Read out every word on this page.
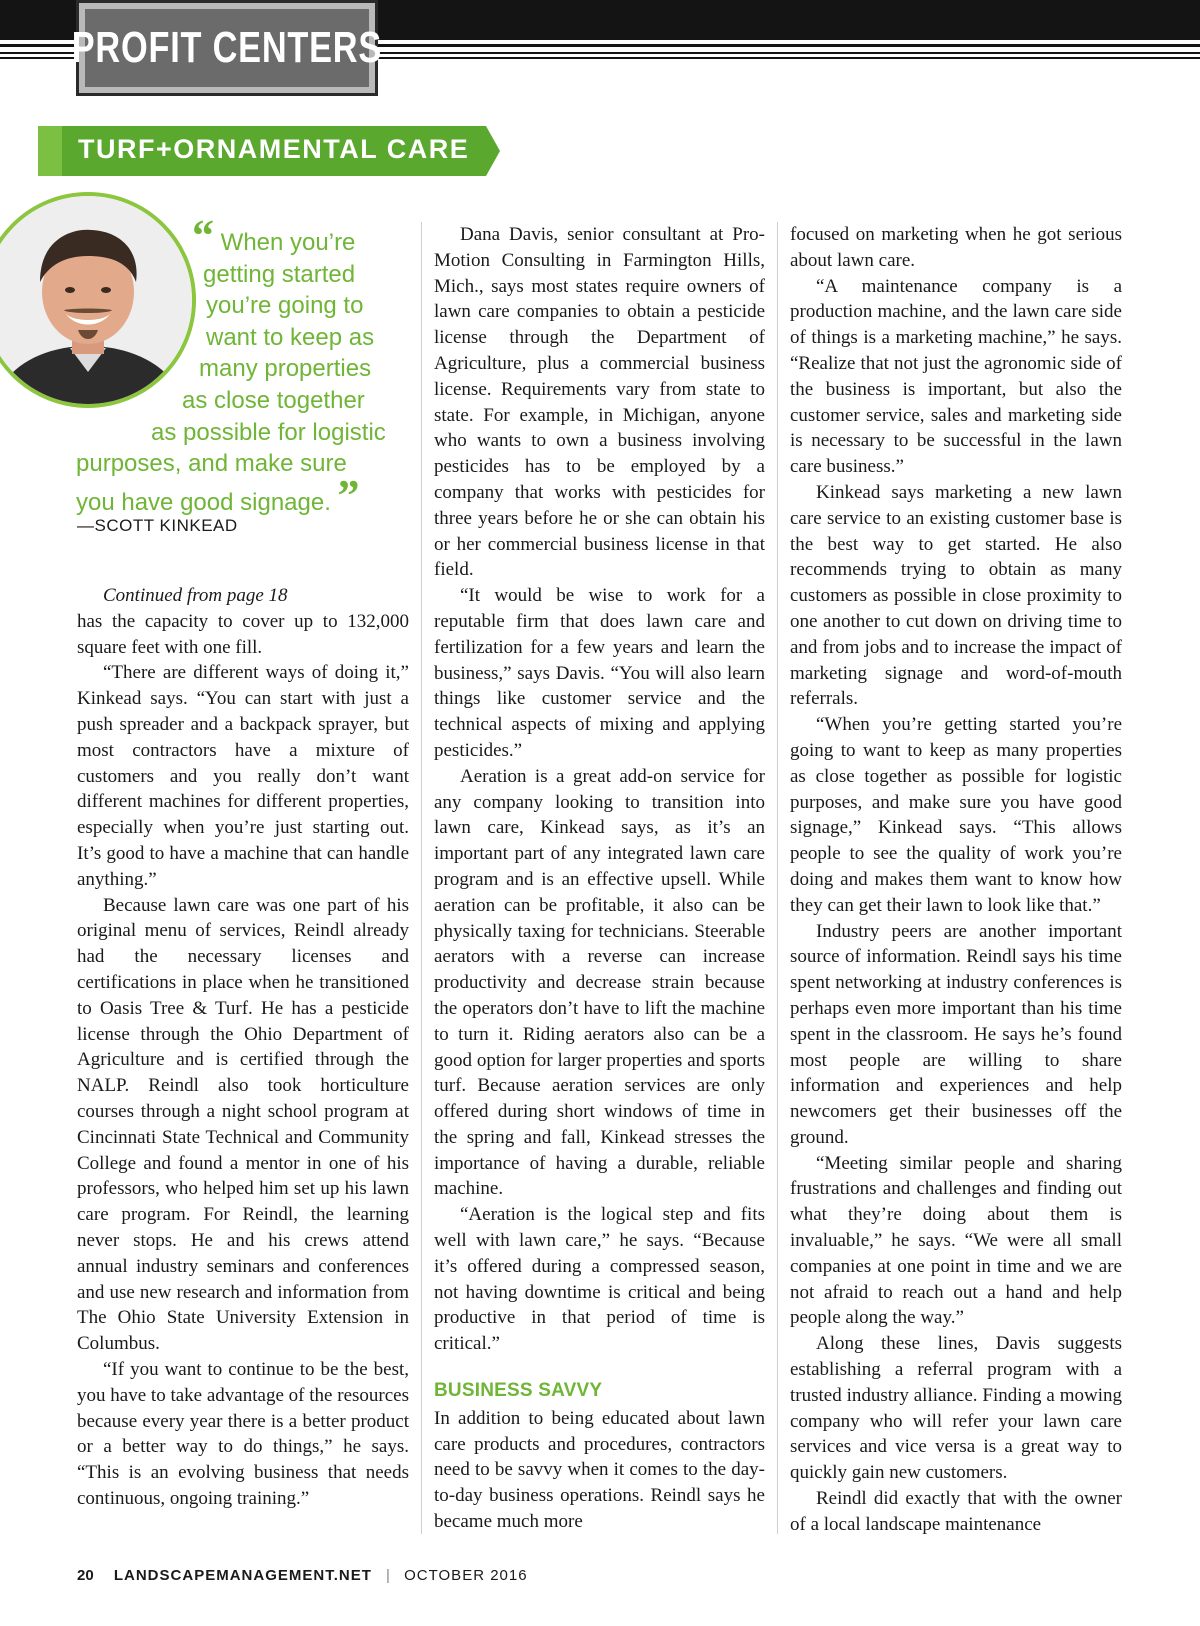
PROFIT CENTERS
TURF+ORNAMENTAL CARE
“ When you’re
getting started
you’re going to
want to keep as
many properties
as close together
as possible for logistic
purposes, and make sure
you have good signage. ”
—SCOTT KINKEAD

Continued from page 18

has the capacity to cover up to 132,000 square feet with one fill.

“There are different ways of doing it,” Kinkead says. “You can start with just a push spreader and a backpack sprayer, but most contractors have a mixture of customers and you really don’t want different machines for different properties, especially when you’re just starting out. It’s good to have a machine that can handle anything.”

Because lawn care was one part of his original menu of services, Reindl already had the necessary licenses and certifications in place when he transitioned to Oasis Tree & Turf. He has a pesticide license through the Ohio Department of Agriculture and is certified through the NALP. Reindl also took horticulture courses through a night school program at Cincinnati State Technical and Community College and found a mentor in one of his professors, who helped him set up his lawn care program. For Reindl, the learning never stops. He and his crews attend annual industry seminars and conferences and use new research and information from The Ohio State University Extension in Columbus.

“If you want to continue to be the best, you have to take advantage of the resources because every year there is a better product or a better way to do things,” he says. “This is an evolving business that needs continuous, ongoing training.”

Dana Davis, senior consultant at Pro-Motion Consulting in Farmington Hills, Mich., says most states require owners of lawn care companies to obtain a pesticide license through the Department of Agriculture, plus a commercial business license. Requirements vary from state to state. For example, in Michigan, anyone who wants to own a business involving pesticides has to be employed by a company that works with pesticides for three years before he or she can obtain his or her commercial business license in that field.

“It would be wise to work for a reputable firm that does lawn care and fertilization for a few years and learn the business,” says Davis. “You will also learn things like customer service and the technical aspects of mixing and applying pesticides.”

Aeration is a great add-on service for any company looking to transition into lawn care, Kinkead says, as it’s an important part of any integrated lawn care program and is an effective upsell. While aeration can be profitable, it also can be physically taxing for technicians. Steerable aerators with a reverse can increase productivity and decrease strain because the operators don’t have to lift the machine to turn it. Riding aerators also can be a good option for larger properties and sports turf. Because aeration services are only offered during short windows of time in the spring and fall, Kinkead stresses the importance of having a durable, reliable machine.

“Aeration is the logical step and fits well with lawn care,” he says. “Because it’s offered during a compressed season, not having downtime is critical and being productive in that period of time is critical.”

BUSINESS SAVVY

In addition to being educated about lawn care products and procedures, contractors need to be savvy when it comes to the day-to-day business operations. Reindl says he became much more

focused on marketing when he got serious about lawn care.

“A maintenance company is a production machine, and the lawn care side of things is a marketing machine,” he says. “Realize that not just the agronomic side of the business is important, but also the customer service, sales and marketing side is necessary to be successful in the lawn care business.”

Kinkead says marketing a new lawn care service to an existing customer base is the best way to get started. He also recommends trying to obtain as many customers as possible in close proximity to one another to cut down on driving time to and from jobs and to increase the impact of marketing signage and word-of-mouth referrals.

“When you’re getting started you’re going to want to keep as many properties as close together as possible for logistic purposes, and make sure you have good signage,” Kinkead says. “This allows people to see the quality of work you’re doing and makes them want to know how they can get their lawn to look like that.”

Industry peers are another important source of information. Reindl says his time spent networking at industry conferences is perhaps even more important than his time spent in the classroom. He says he’s found most people are willing to share information and experiences and help newcomers get their businesses off the ground.

“Meeting similar people and sharing frustrations and challenges and finding out what they’re doing about them is invaluable,” he says. “We were all small companies at one point in time and we are not afraid to reach out a hand and help people along the way.”

Along these lines, Davis suggests establishing a referral program with a trusted industry alliance. Finding a mowing company who will refer your lawn care services and vice versa is a great way to quickly gain new customers.

Reindl did exactly that with the owner of a local landscape maintenance

20 LANDSCAPEMANAGEMENT.NET | OCTOBER 2016
